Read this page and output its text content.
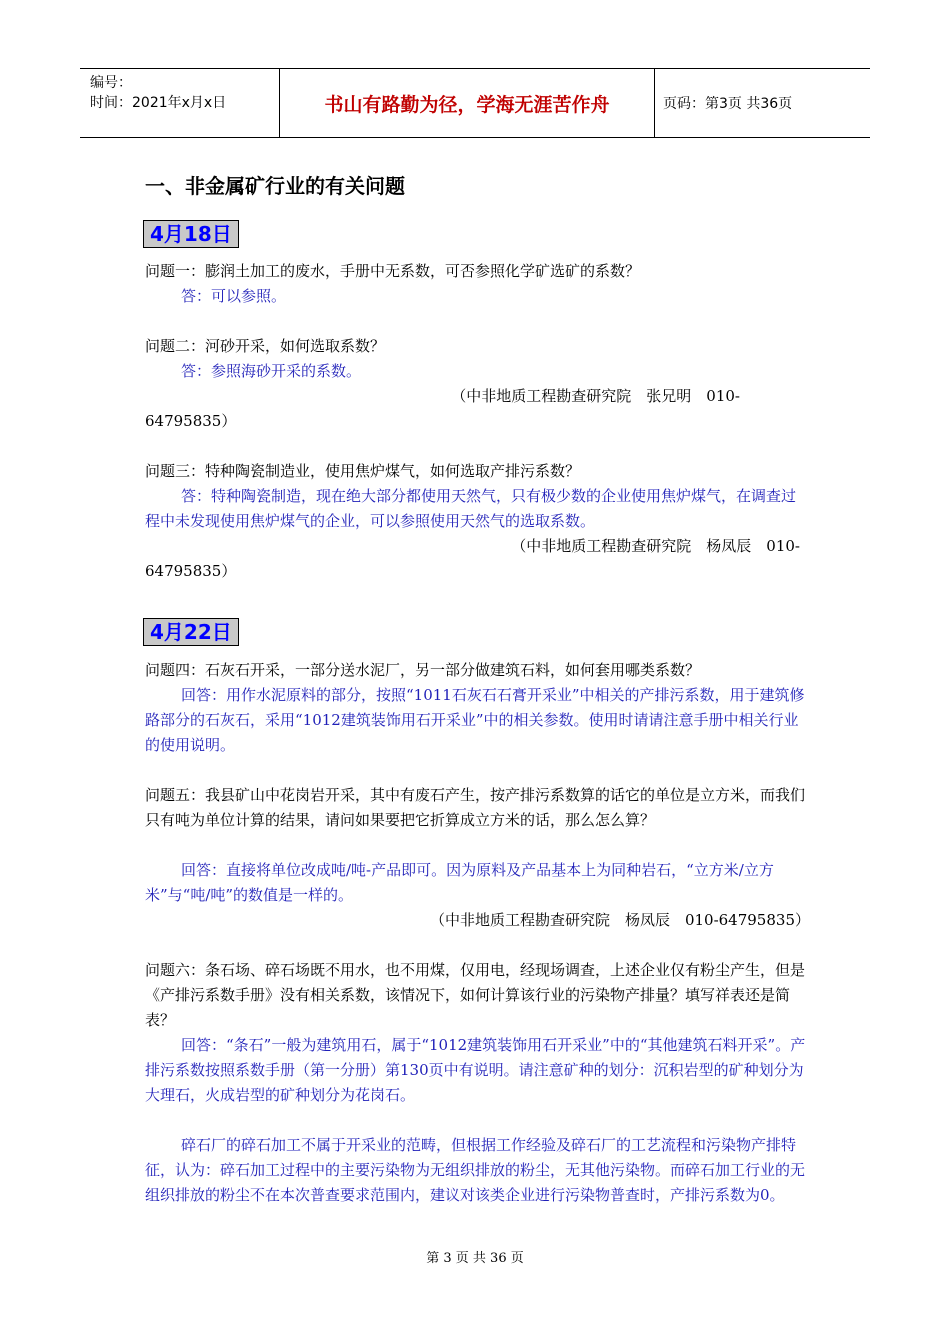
编号：
时间：2021年x月x日	书山有路勤为径，学海无涯苦作舟	页码：第3页 共36页
一、非金属矿行业的有关问题
4月18日

问题一：膨润土加工的废水，手册中无系数，可否参照化学矿选矿的系数？

答：可以参照。

问题二：河砂开采，如何选取系数？

答：参照海砂开采的系数。

（中非地质工程勘查研究院　张兄明　010-

64795835）

问题三：特种陶瓷制造业，使用焦炉煤气，如何选取产排污系数？

答：特种陶瓷制造，现在绝大部分都使用天然气，只有极少数的企业使用焦炉煤气，在调查过程中未发现使用焦炉煤气的企业，可以参照使用天然气的选取系数。

（中非地质工程勘查研究院　杨凤辰　010-

64795835）

4月22日

问题四：石灰石开采，一部分送水泥厂，另一部分做建筑石料，如何套用哪类系数？

回答：用作水泥原料的部分，按照“1011石灰石石膏开采业”中相关的产排污系数，用于建筑修路部分的石灰石，采用“1012建筑装饰用石开采业”中的相关参数。使用时请请注意手册中相关行业的使用说明。

问题五：我县矿山中花岗岩开采，其中有废石产生，按产排污系数算的话它的单位是立方米，而我们只有吨为单位计算的结果，请问如果要把它折算成立方米的话，那么怎么算？

回答：直接将单位改成吨/吨-产品即可。因为原料及产品基本上为同种岩石，“立方米/立方米”与“吨/吨”的数值是一样的。

（中非地质工程勘查研究院　杨凤辰　010-64795835）

问题六：条石场、碎石场既不用水，也不用煤，仅用电，经现场调查，上述企业仅有粉尘产生，但是《产排污系数手册》没有相关系数，该情况下，如何计算该行业的污染物产排量？填写祥表还是简表？

回答：“条石”一般为建筑用石，属于“1012建筑装饰用石开采业”中的“其他建筑石料开采”。产排污系数按照系数手册（第一分册）第130页中有说明。请注意矿种的划分：沉积岩型的矿种划分为大理石，火成岩型的矿种划分为花岗石。

碎石厂的碎石加工不属于开采业的范畴，但根据工作经验及碎石厂的工艺流程和污染物产排特征，认为：碎石加工过程中的主要污染物为无组织排放的粉尘，无其他污染物。而碎石加工行业的无组织排放的粉尘不在本次普查要求范围内，建议对该类企业进行污染物普查时，产排污系数为0。

第 3 页 共 36 页
